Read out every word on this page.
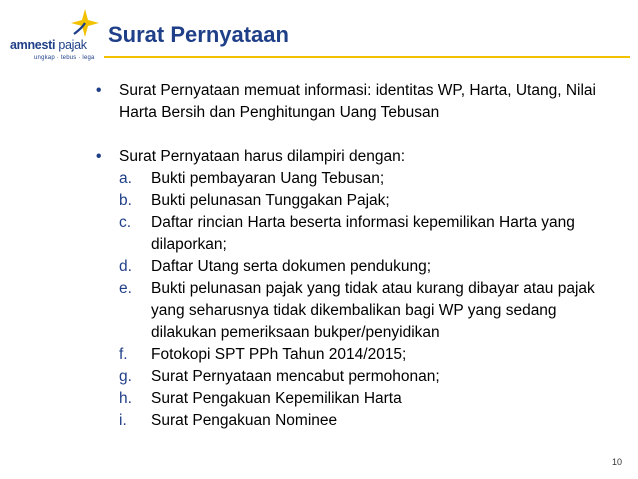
amnesti pajak
ungkap · tebus · lega
Surat Pernyataan
• Surat Pernyataan memuat informasi: identitas WP, Harta, Utang, Nilai Harta Bersih dan Penghitungan Uang Tebusan
• Surat Pernyataan harus dilampiri dengan:
a. Bukti pembayaran Uang Tebusan;
b. Bukti pelunasan Tunggakan Pajak;
c. Daftar rincian Harta beserta informasi kepemilikan Harta yang dilaporkan;
d. Daftar Utang serta dokumen pendukung;
e. Bukti pelunasan pajak yang tidak atau kurang dibayar atau pajak yang seharusnya tidak dikembalikan bagi WP yang sedang dilakukan pemeriksaan bukper/penyidikan
f. Fotokopi SPT PPh Tahun 2014/2015;
g. Surat Pernyataan mencabut permohonan;
h. Surat Pengakuan Kepemilikan Harta
i. Surat Pengakuan Nominee
10
